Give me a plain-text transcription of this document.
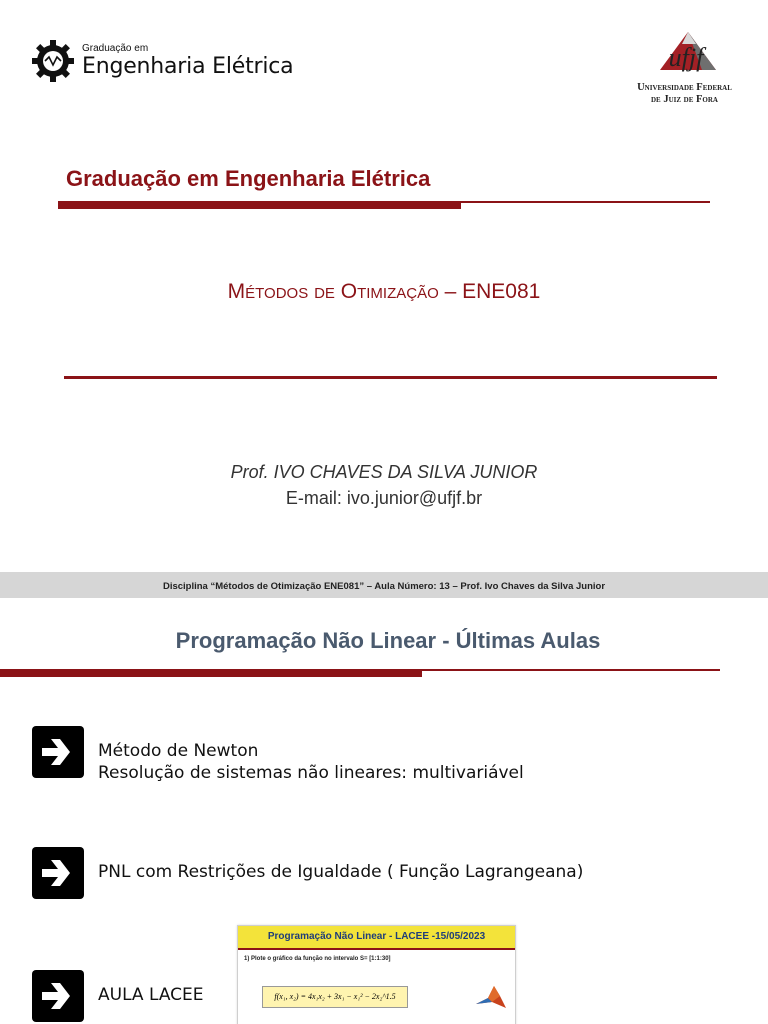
Graduação em
Engenharia Elétrica	ufjf
Universidade Federal
de Juiz de Fora
Graduação em Engenharia Elétrica
Métodos de Otimização – ENE081
Prof. IVO CHAVES DA SILVA JUNIOR
E-mail: ivo.junior@ufjf.br
Disciplina “Métodos de Otimização ENE081” – Aula Número: 13 – Prof. Ivo Chaves da Silva Junior
Programação Não Linear - Últimas Aulas
Método de Newton
Resolução de sistemas não lineares: multivariável
PNL com Restrições de Igualdade ( Função Lagrangeana)
AULA LACEE
Programação Não Linear - LACEE -15/05/2023
1) Plote o gráfico da função no intervalo S= [1:1:30]
f(x₁, x₂) = 4x₁x₂ + 3x₁ − x₁² − 2x₂^1.5
